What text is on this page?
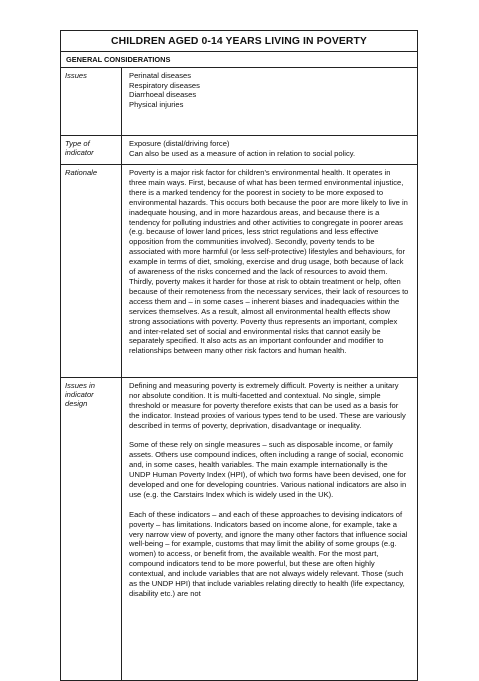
CHILDREN AGED 0-14 YEARS LIVING IN POVERTY
GENERAL CONSIDERATIONS
Issues	Perinatal diseases

Respiratory diseases

Diarrhoeal diseases

Physical injuries

Type of
indicator

Exposure (distal/driving force)

Can also be used as a measure of action in relation to social policy.

Rationale	Poverty is a major risk factor for children's environmental health. It operates in three main ways. First, because of what has been termed environmental injustice, there is a marked tendency for the poorest in society to be more exposed to environmental hazards. This occurs both because the poor are more likely to live in inadequate housing, and in more hazardous areas, and because there is a tendency for polluting industries and other activities to congregate in poorer areas (e.g. because of lower land prices, less strict regulations and less effective opposition from the communities involved). Secondly, poverty tends to be associated with more harmful (or less self-protective) lifestyles and behaviours, for example in terms of diet, smoking, exercise and drug usage, both because of lack of awareness of the risks concerned and the lack of resources to avoid them. Thirdly, poverty makes it harder for those at risk to obtain treatment or help, often because of their remoteness from the necessary services, their lack of resources to access them and – in some cases – inherent biases and inadequacies within the services themselves. As a result, almost all environmental health effects show strong associations with poverty. Poverty thus represents an important, complex and inter-related set of social and environmental risks that cannot easily be separately specified. It also acts as an important confounder and modifier to relationships between many other risk factors and human health.

Issues in
indicator
design

Defining and measuring poverty is extremely difficult. Poverty is neither a unitary nor absolute condition. It is multi-facetted and contextual. No single, simple threshold or measure for poverty therefore exists that can be used as a basis for the indicator. Instead proxies of various types tend to be used. These are variously described in terms of poverty, deprivation, disadvantage or inequality.

Some of these rely on single measures – such as disposable income, or family assets. Others use compound indices, often including a range of social, economic and, in some cases, health variables. The main example internationally is the UNDP Human Poverty Index (HPI), of which two forms have been devised, one for developed and one for developing countries. Various national indicators are also in use (e.g. the Carstairs Index which is widely used in the UK).

Each of these indicators – and each of these approaches to devising indicators of poverty – has limitations. Indicators based on income alone, for example, take a very narrow view of poverty, and ignore the many other factors that influence social well-being – for example, customs that may limit the ability of some groups (e.g. women) to access, or benefit from, the available wealth. For the most part, compound indicators tend to be more powerful, but these are often highly contextual, and include variables that are not always widely relevant. Those (such as the UNDP HPI) that include variables relating directly to health (life expectancy, disability etc.) are not
